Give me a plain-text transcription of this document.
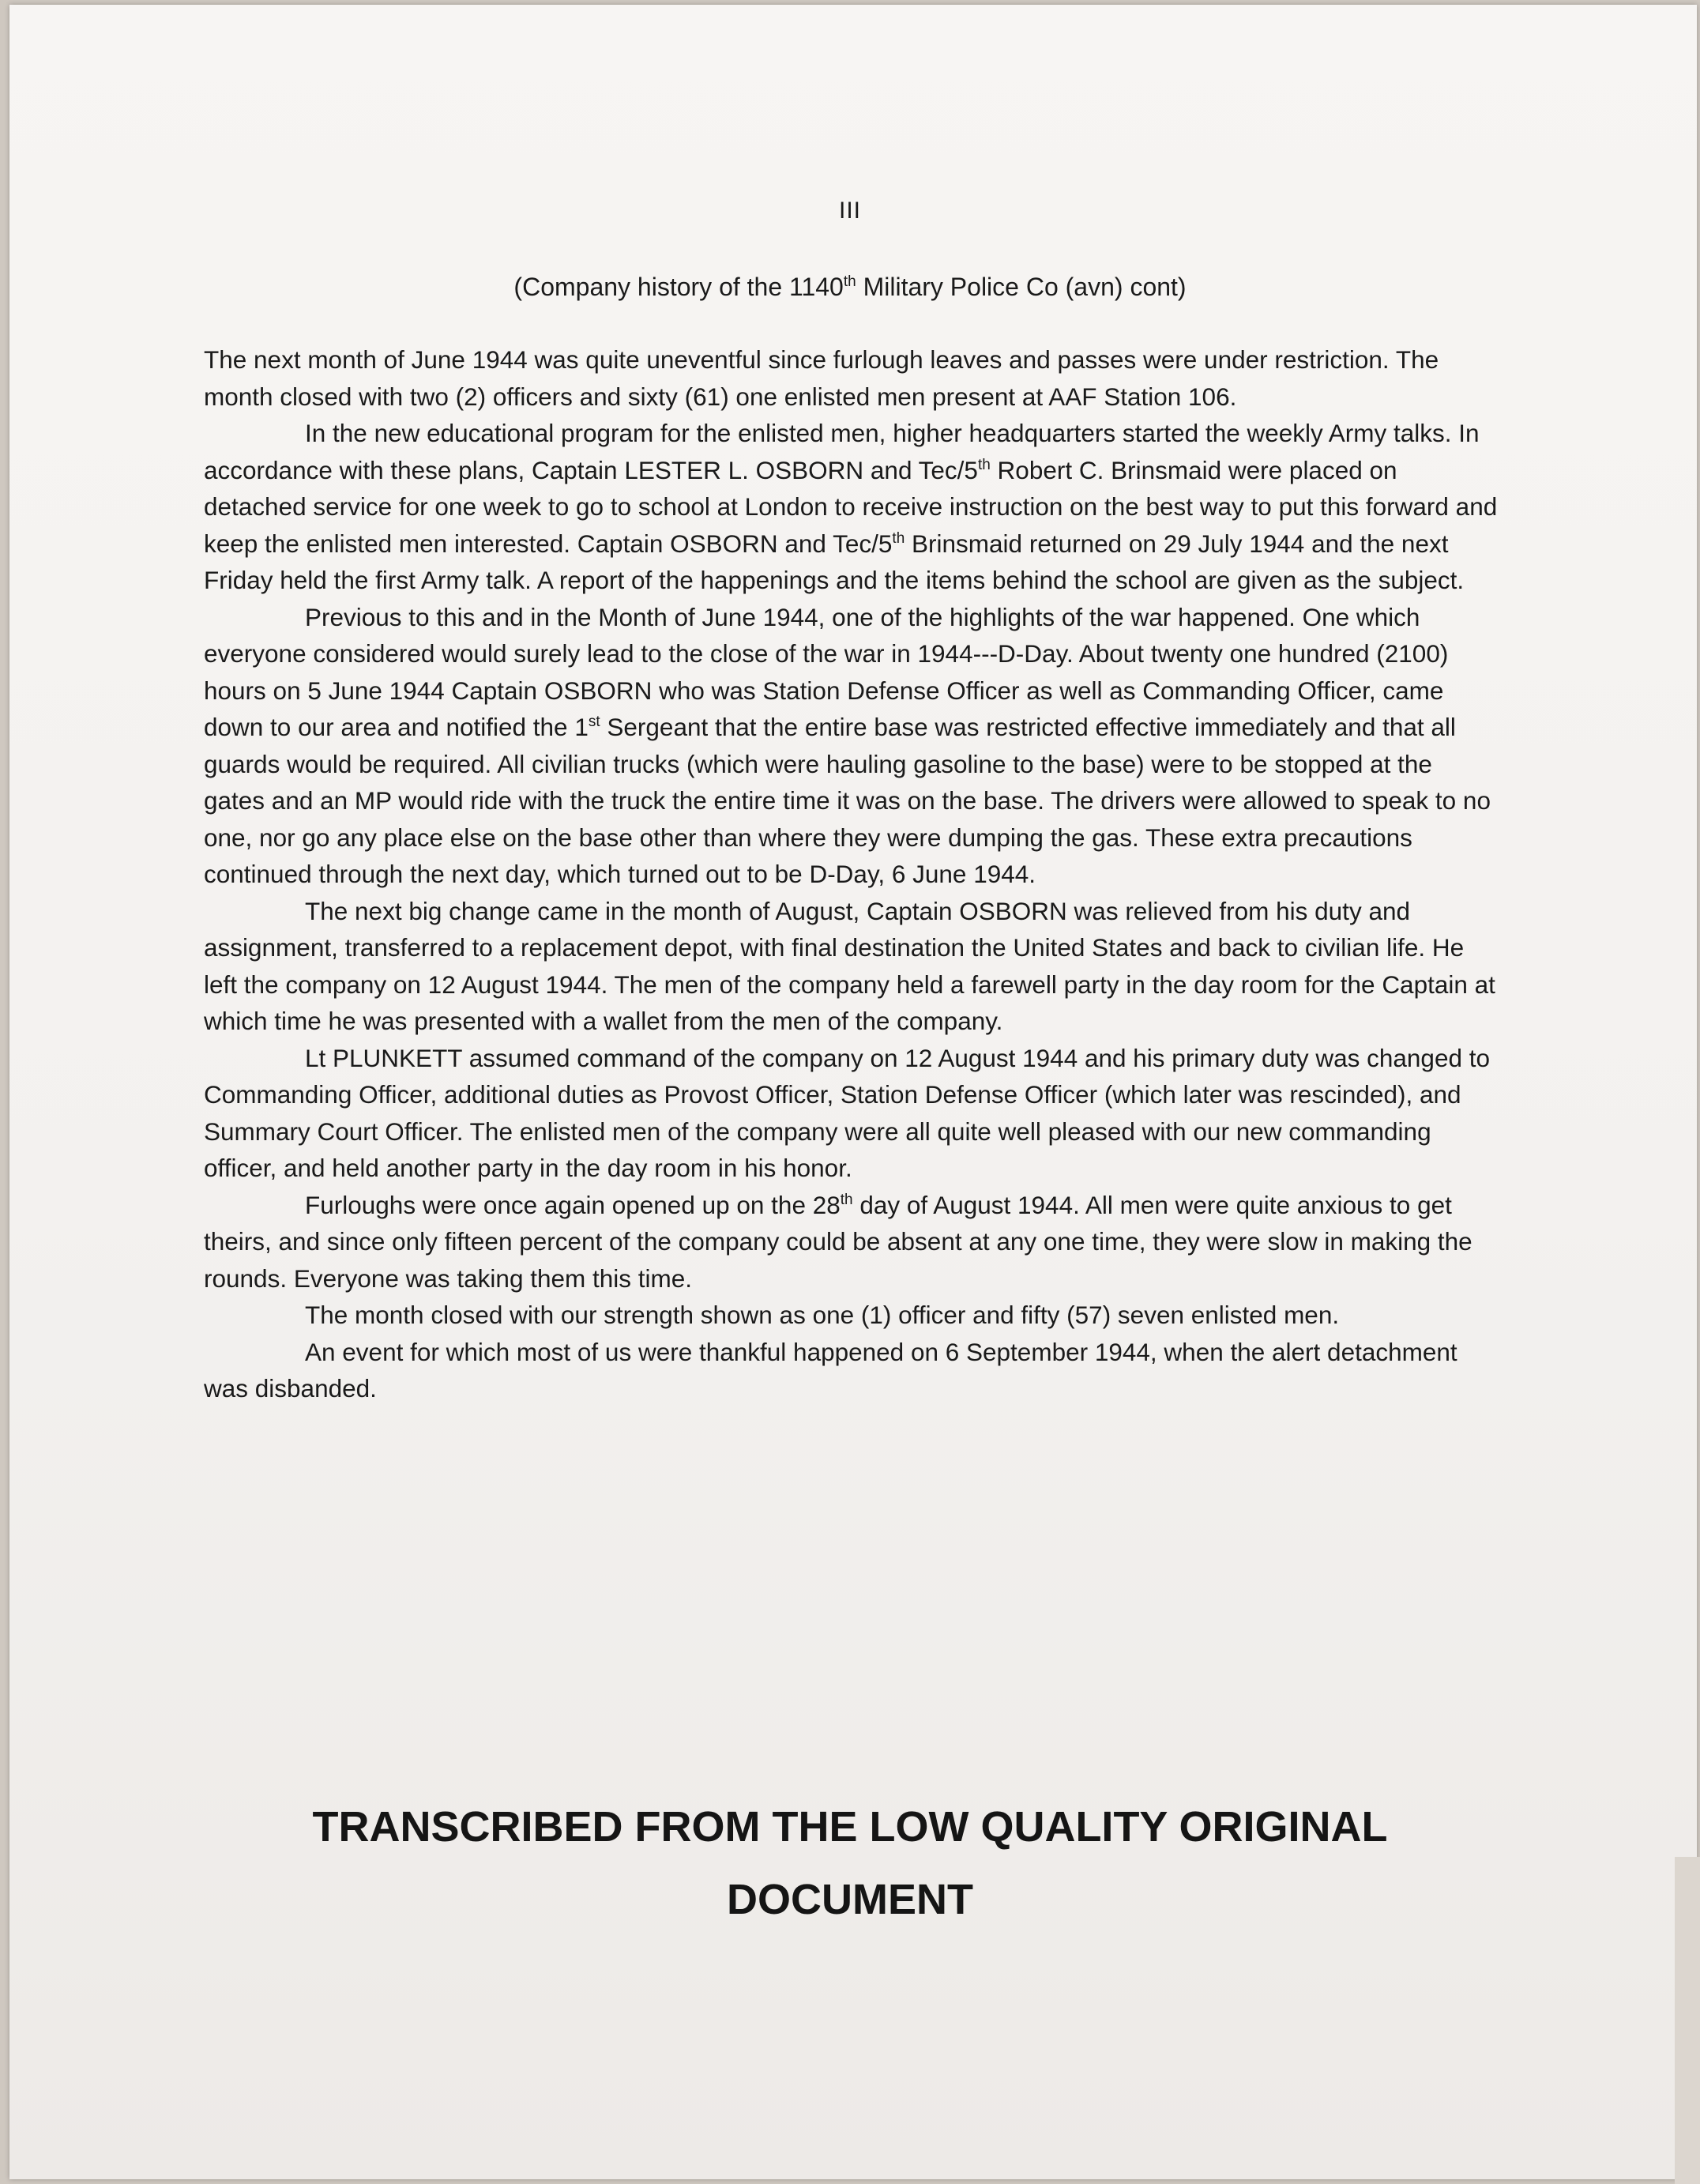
III
(Company history of the 1140th Military Police Co (avn) cont)

The next month of June 1944 was quite uneventful since furlough leaves and passes were under restriction. The month closed with two (2) officers and sixty (61) one enlisted men present at AAF Station 106.

In the new educational program for the enlisted men, higher headquarters started the weekly Army talks. In accordance with these plans, Captain LESTER L. OSBORN and Tec/5th Robert C. Brinsmaid were placed on detached service for one week to go to school at London to receive instruction on the best way to put this forward and keep the enlisted men interested. Captain OSBORN and Tec/5th Brinsmaid returned on 29 July 1944 and the next Friday held the first Army talk. A report of the happenings and the items behind the school are given as the subject.

Previous to this and in the Month of June 1944, one of the highlights of the war happened. One which everyone considered would surely lead to the close of the war in 1944---D-Day. About twenty one hundred (2100) hours on 5 June 1944 Captain OSBORN who was Station Defense Officer as well as Commanding Officer, came down to our area and notified the 1st Sergeant that the entire base was restricted effective immediately and that all guards would be required. All civilian trucks (which were hauling gasoline to the base) were to be stopped at the gates and an MP would ride with the truck the entire time it was on the base. The drivers were allowed to speak to no one, nor go any place else on the base other than where they were dumping the gas. These extra precautions continued through the next day, which turned out to be D-Day, 6 June 1944.

The next big change came in the month of August, Captain OSBORN was relieved from his duty and assignment, transferred to a replacement depot, with final destination the United States and back to civilian life. He left the company on 12 August 1944. The men of the company held a farewell party in the day room for the Captain at which time he was presented with a wallet from the men of the company.

Lt PLUNKETT assumed command of the company on 12 August 1944 and his primary duty was changed to Commanding Officer, additional duties as Provost Officer, Station Defense Officer (which later was rescinded), and Summary Court Officer. The enlisted men of the company were all quite well pleased with our new commanding officer, and held another party in the day room in his honor.

Furloughs were once again opened up on the 28th day of August 1944. All men were quite anxious to get theirs, and since only fifteen percent of the company could be absent at any one time, they were slow in making the rounds. Everyone was taking them this time.

The month closed with our strength shown as one (1) officer and fifty (57) seven enlisted men.

An event for which most of us were thankful happened on 6 September 1944, when the alert detachment was disbanded.

TRANSCRIBED FROM THE LOW QUALITY ORIGINAL
DOCUMENT
